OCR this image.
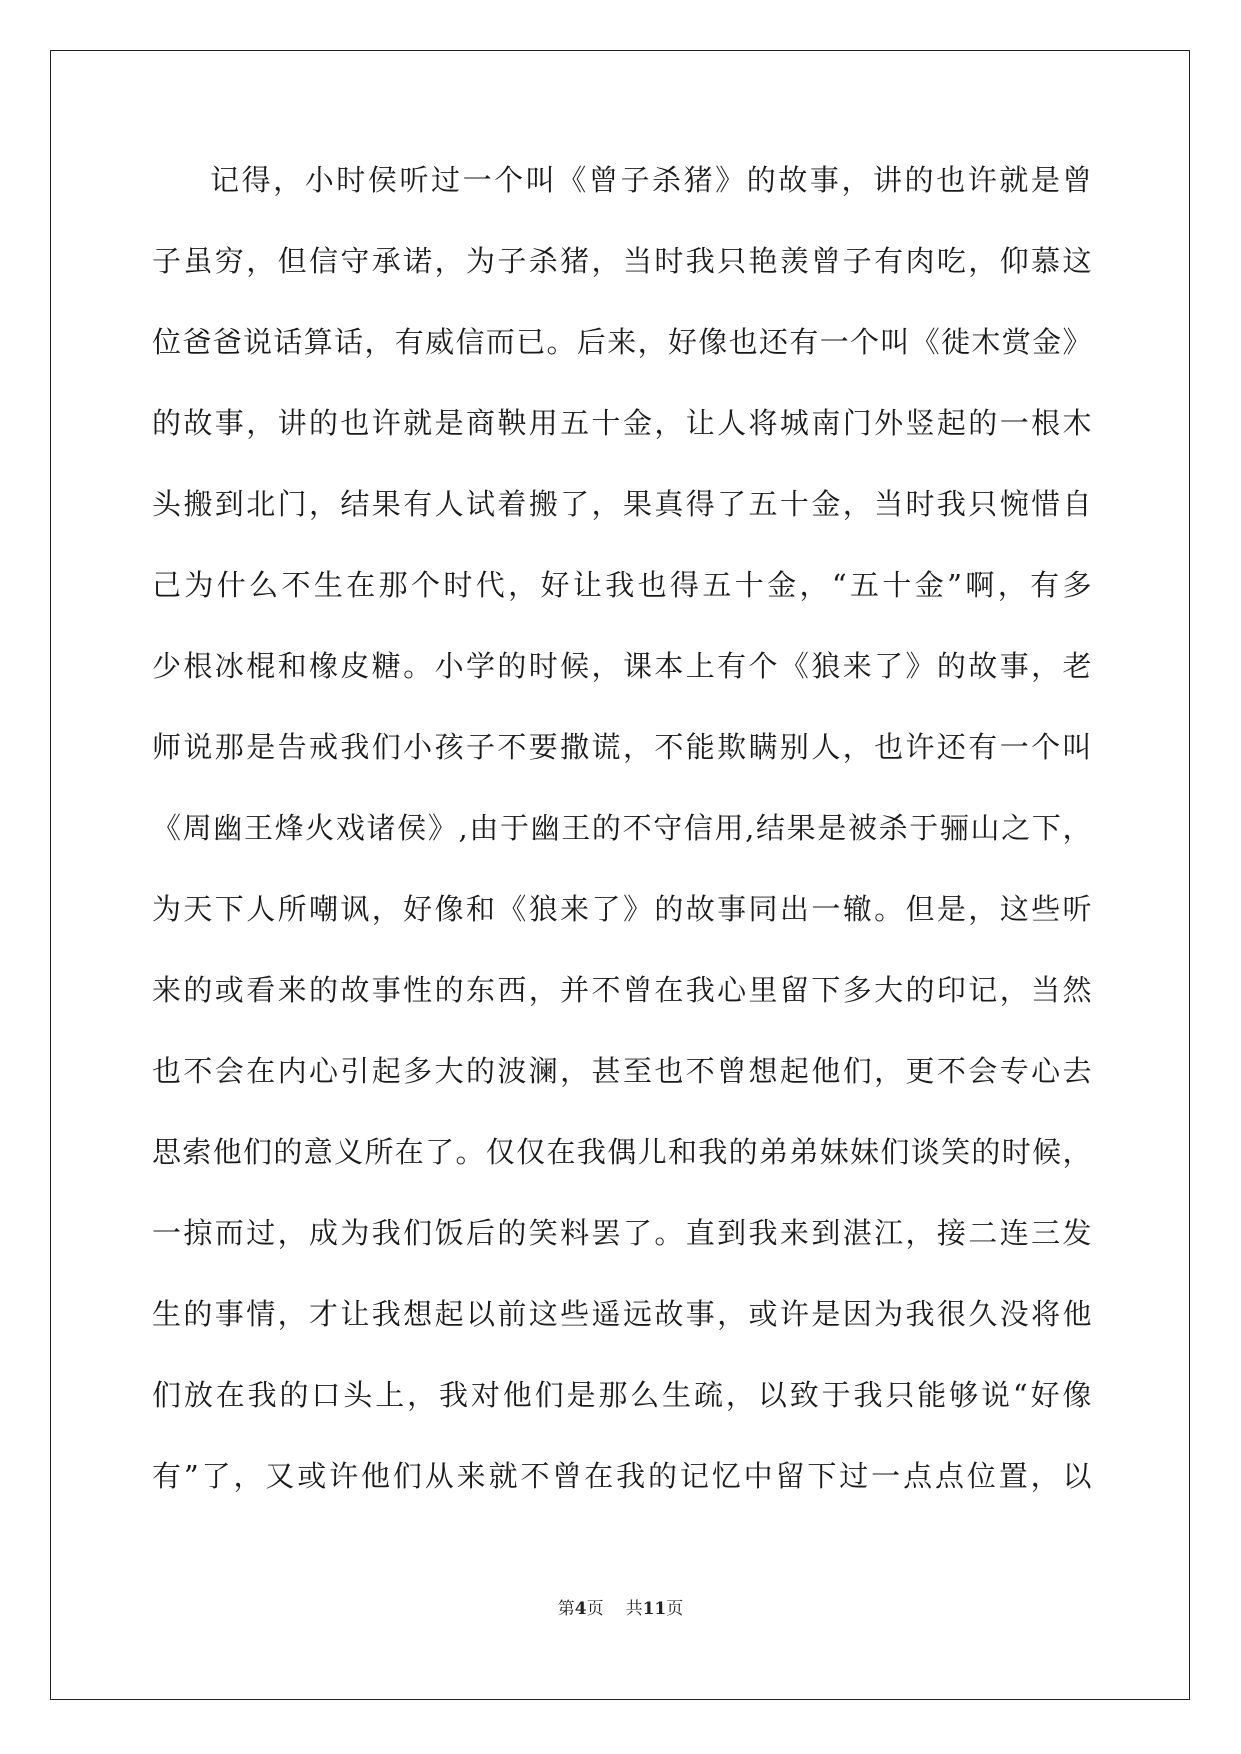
记得，小时侯听过一个叫《曾子杀猪》的故事，讲的也许就是曾
子虽穷，但信守承诺，为子杀猪，当时我只艳羡曾子有肉吃，仰慕这
位爸爸说话算话，有威信而已。后来，好像也还有一个叫《徙木赏金》
的故事，讲的也许就是商鞅用五十金，让人将城南门外竖起的一根木
头搬到北门，结果有人试着搬了，果真得了五十金，当时我只惋惜自
己为什么不生在那个时代，好让我也得五十金，“五十金”啊，有多
少根冰棍和橡皮糖。小学的时候，课本上有个《狼来了》的故事，老
师说那是告戒我们小孩子不要撒谎，不能欺瞒别人，也许还有一个叫
《周幽王烽火戏诸侯》,由于幽王的不守信用,结果是被杀于骊山之下，
为天下人所嘲讽，好像和《狼来了》的故事同出一辙。但是，这些听
来的或看来的故事性的东西，并不曾在我心里留下多大的印记，当然
也不会在内心引起多大的波澜，甚至也不曾想起他们，更不会专心去
思索他们的意义所在了。仅仅在我偶儿和我的弟弟妹妹们谈笑的时候，
一掠而过，成为我们饭后的笑料罢了。直到我来到湛江，接二连三发
生的事情，才让我想起以前这些遥远故事，或许是因为我很久没将他
们放在我的口头上，我对他们是那么生疏，以致于我只能够说“好像
有”了，又或许他们从来就不曾在我的记忆中留下过一点点位置，以
第4页 共11页
